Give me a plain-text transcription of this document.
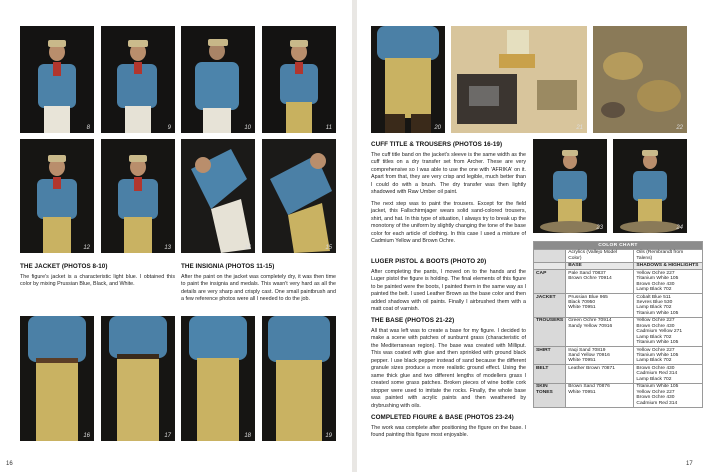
8	9	10	11
12	13	14	15
THE JACKET (PHOTOS 8-10)
The figure's jacket is a characteristic light blue. I obtained this color by mixing Prussian Blue, Black, and White.
THE INSIGNIA (PHOTOS 11-15)
After the paint on the jacket was completely dry, it was then time to paint the insignia and medals. This wasn't very hard as all the details are very sharp and crisply cast. One small paintbrush and a few reference photos were all I needed to do the job.
16	17	18	19
16
20	21	22
CUFF TITLE & TROUSERS (PHOTOS 16-19)

The cuff title band on the jacket's sleeve is the same width as the cuff titles on a dry transfer set from Archer. These are very comprehensive so I was able to use the one with 'AFRIKA' on it. Apart from that, they are very crisp and legible, much better than I could do with a brush. The dry transfer was then lightly shadowed with Raw Umber oil paint.

The next step was to paint the trousers. Except for the field jacket, this Fallschirmjager wears solid sand-colored trousers, shirt, and hat. In this type of situation, I always try to break up the monotony of the uniform by slightly changing the tone of the base color for each article of clothing. In this case I used a mixture of Cadmium Yellow and Brown Ochre.

LUGER PISTOL & BOOTS (PHOTO 20)
After completing the pants, I moved on to the hands and the Luger pistol the figure is holding. The final elements of this figure to be painted were the boots, I painted them in the same way as I painted the belt. I used Leather Brown as the base color and then added shadows with oil paints. Finally I airbrushed them with a matt coat of varnish.
THE BASE (PHOTOS 21-22)
All that was left was to create a base for my figure. I decided to make a scene with patches of sunburnt grass (characteristic of the Mediterranean region). The base was created with Milliput. This was coated with glue and then sprinkled with ground black pepper. I use black pepper instead of sand because the different granule sizes produce a more realistic ground effect. Using the same thick glue and two different lengths of modellers grass I created some grass patches. Broken pieces of wine bottle cork stopper were used to imitate the rocks. Finally, the whole base was painted with acrylic paints and then weathered by drybrushing with oils.
COMPLETED FIGURE & BASE (PHOTOS 23-24)
The work was complete after positioning the figure on the base. I found painting this figure most enjoyable.
23	24
COLOR CHART		
	Acrylics (Vallejo Model Color)	Oils (Rembrandt from Talens)
	BASE	SHADOWS & HIGHLIGHTS
CAP	Pale Sand 70837
Brown Ochre 70914	Yellow Ochre 227
Titanium White 105
Brown Ochre 430
Lamp Black 702
JACKET	Prussian Blue 965
Black 70950
White 70951	Cobalt Blue 511
Sevres Blue 530
Lamp Black 702
Titanium White 105
TROUSERS	Green Ochre 70914
Sandy Yellow 70916	Yellow Ochre 227
Brown Ochre 430
Cadmium Yellow 271
Lamp Black 702
Titanium White 105
SHIRT	Iraqi Sand 70819
Sand Yellow 70916
White 70951	Yellow Ochre 227
Titanium White 105
Lamp Black 702
BELT	Leather Brown 70871	Brown Ochre 430
Cadmium Red 314
Lamp Black 702
SKIN TONES	Brown Sand 70876
White 70951	Titanium White 105
Yellow Ochre 227
Brown Ochre 430
Cadmium Red 314
17
